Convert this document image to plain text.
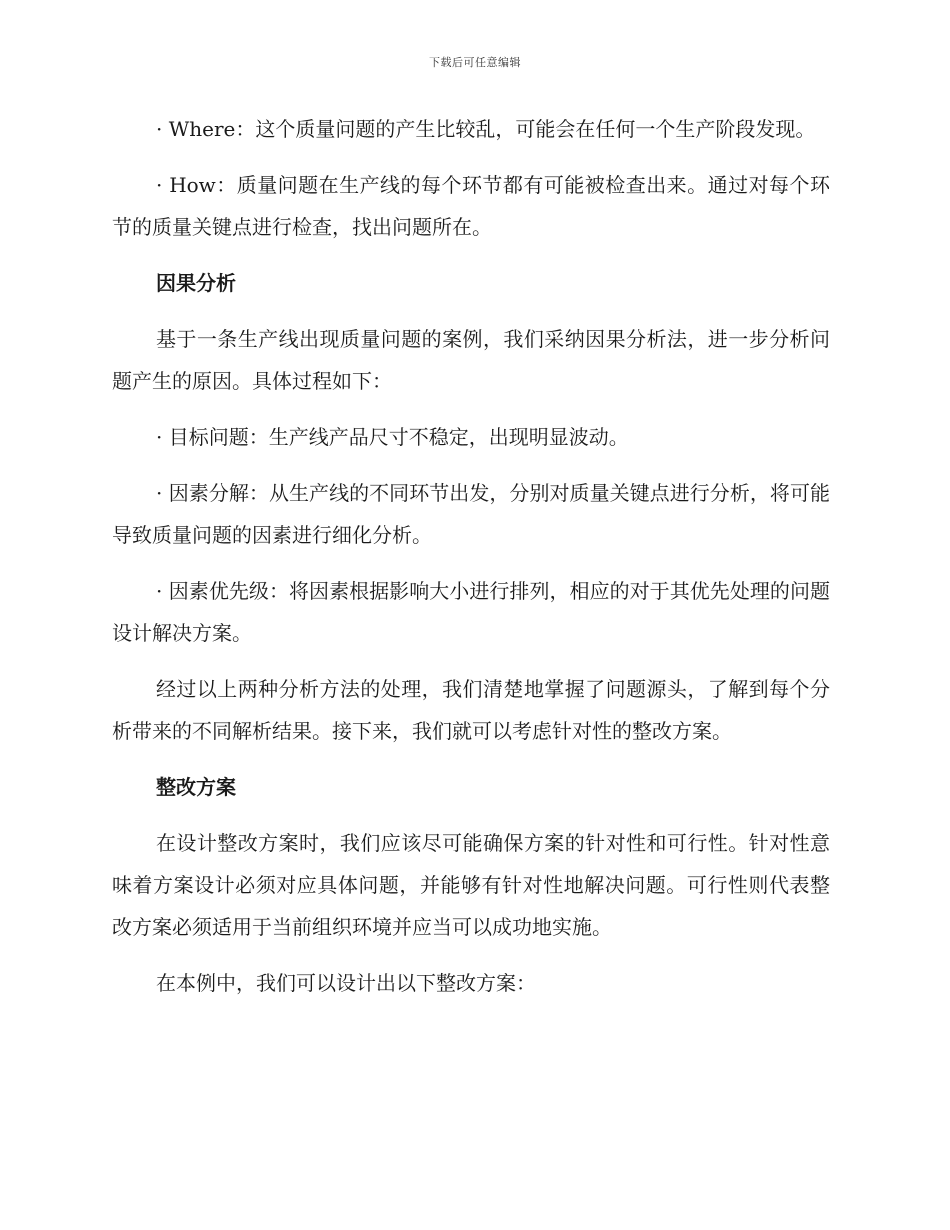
下载后可任意编辑

· Where：这个质量问题的产生比较乱，可能会在任何一个生产阶段发现。

· How：质量问题在生产线的每个环节都有可能被检查出来。通过对每个环节的质量关键点进行检查，找出问题所在。

因果分析

基于一条生产线出现质量问题的案例，我们采纳因果分析法，进一步分析问题产生的原因。具体过程如下：

· 目标问题：生产线产品尺寸不稳定，出现明显波动。

· 因素分解：从生产线的不同环节出发，分别对质量关键点进行分析，将可能导致质量问题的因素进行细化分析。

· 因素优先级：将因素根据影响大小进行排列，相应的对于其优先处理的问题设计解决方案。

经过以上两种分析方法的处理，我们清楚地掌握了问题源头，了解到每个分析带来的不同解析结果。接下来，我们就可以考虑针对性的整改方案。

整改方案

在设计整改方案时，我们应该尽可能确保方案的针对性和可行性。针对性意味着方案设计必须对应具体问题，并能够有针对性地解决问题。可行性则代表整改方案必须适用于当前组织环境并应当可以成功地实施。

在本例中，我们可以设计出以下整改方案：
